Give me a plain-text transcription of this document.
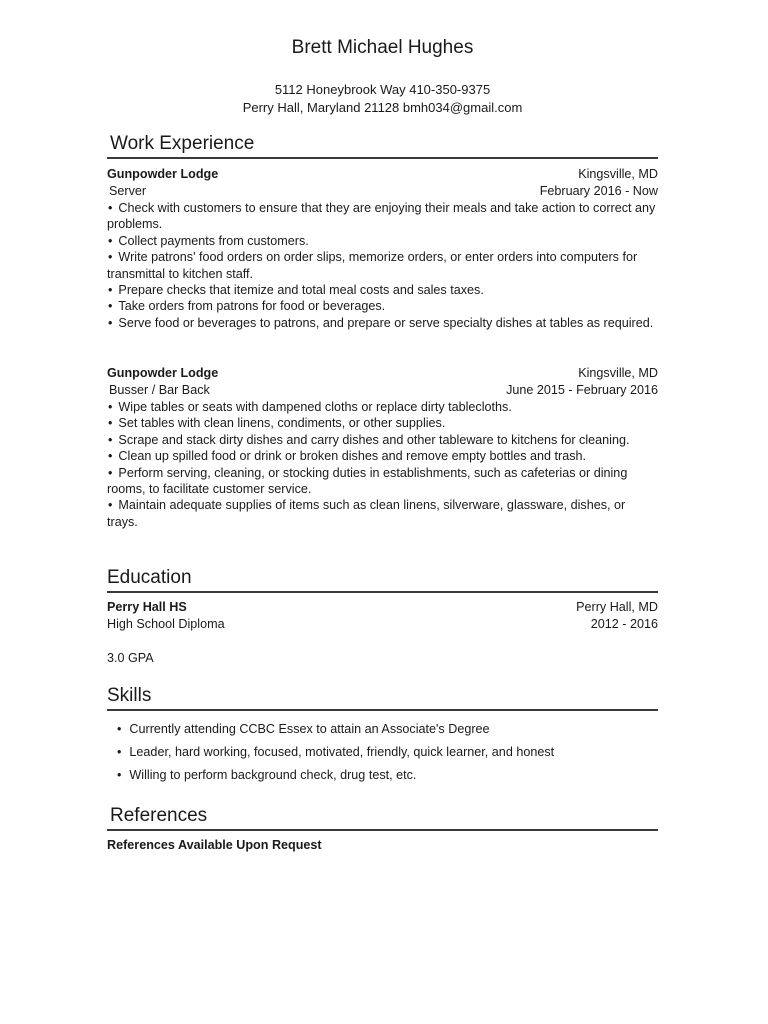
Brett Michael Hughes
5112 Honeybrook Way 410-350-9375
Perry Hall, Maryland 21128 bmh034@gmail.com
Work Experience
Gunpowder Lodge	Kingsville, MD
Server	February 2016 - Now
• Check with customers to ensure that they are enjoying their meals and take action to correct any problems.
• Collect payments from customers.
• Write patrons' food orders on order slips, memorize orders, or enter orders into computers for transmittal to kitchen staff.
• Prepare checks that itemize and total meal costs and sales taxes.
• Take orders from patrons for food or beverages.
• Serve food or beverages to patrons, and prepare or serve specialty dishes at tables as required.
Gunpowder Lodge	Kingsville, MD
Busser / Bar Back	June 2015 - February 2016
• Wipe tables or seats with dampened cloths or replace dirty tablecloths.
• Set tables with clean linens, condiments, or other supplies.
• Scrape and stack dirty dishes and carry dishes and other tableware to kitchens for cleaning.
• Clean up spilled food or drink or broken dishes and remove empty bottles and trash.
• Perform serving, cleaning, or stocking duties in establishments, such as cafeterias or dining rooms, to facilitate customer service.
• Maintain adequate supplies of items such as clean linens, silverware, glassware, dishes, or trays.
Education
Perry Hall HS	Perry Hall, MD
High School Diploma	2012 - 2016
3.0 GPA
Skills
• Currently attending CCBC Essex to attain an Associate's Degree
• Leader, hard working, focused, motivated, friendly, quick learner, and honest
• Willing to perform background check, drug test, etc.
References
References Available Upon Request
